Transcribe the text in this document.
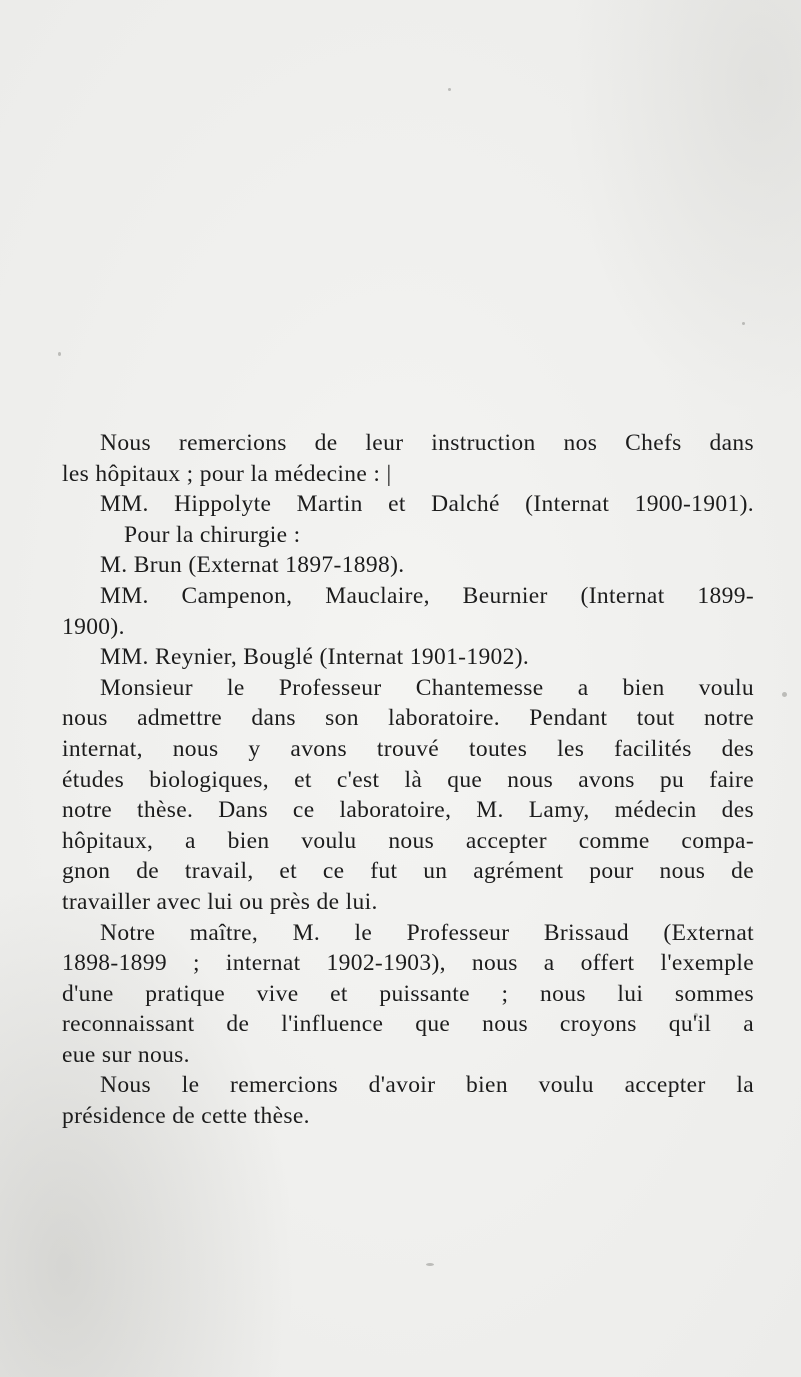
Nous remercions de leur instruction nos Chefs dans
les hôpitaux ; pour la médecine : |
MM. Hippolyte Martin et Dalché (Internat 1900-1901).
Pour la chirurgie :
M. Brun (Externat 1897-1898).
MM. Campenon, Mauclaire, Beurnier (Internat 1899-
1900).
MM. Reynier, Bouglé (Internat 1901-1902).
Monsieur le Professeur Chantemesse a bien voulu
nous admettre dans son laboratoire. Pendant tout notre
internat, nous y avons trouvé toutes les facilités des
études biologiques, et c'est là que nous avons pu faire
notre thèse. Dans ce laboratoire, M. Lamy, médecin des
hôpitaux, a bien voulu nous accepter comme compa-
gnon de travail, et ce fut un agrément pour nous de
travailler avec lui ou près de lui.
Notre maître, M. le Professeur Brissaud (Externat
1898-1899 ; internat 1902-1903), nous a offert l'exemple
d'une pratique vive et puissante ; nous lui sommes
reconnaissant de l'influence que nous croyons qu'il a
eue sur nous.
Nous le remercions d'avoir bien voulu accepter la
présidence de cette thèse.
